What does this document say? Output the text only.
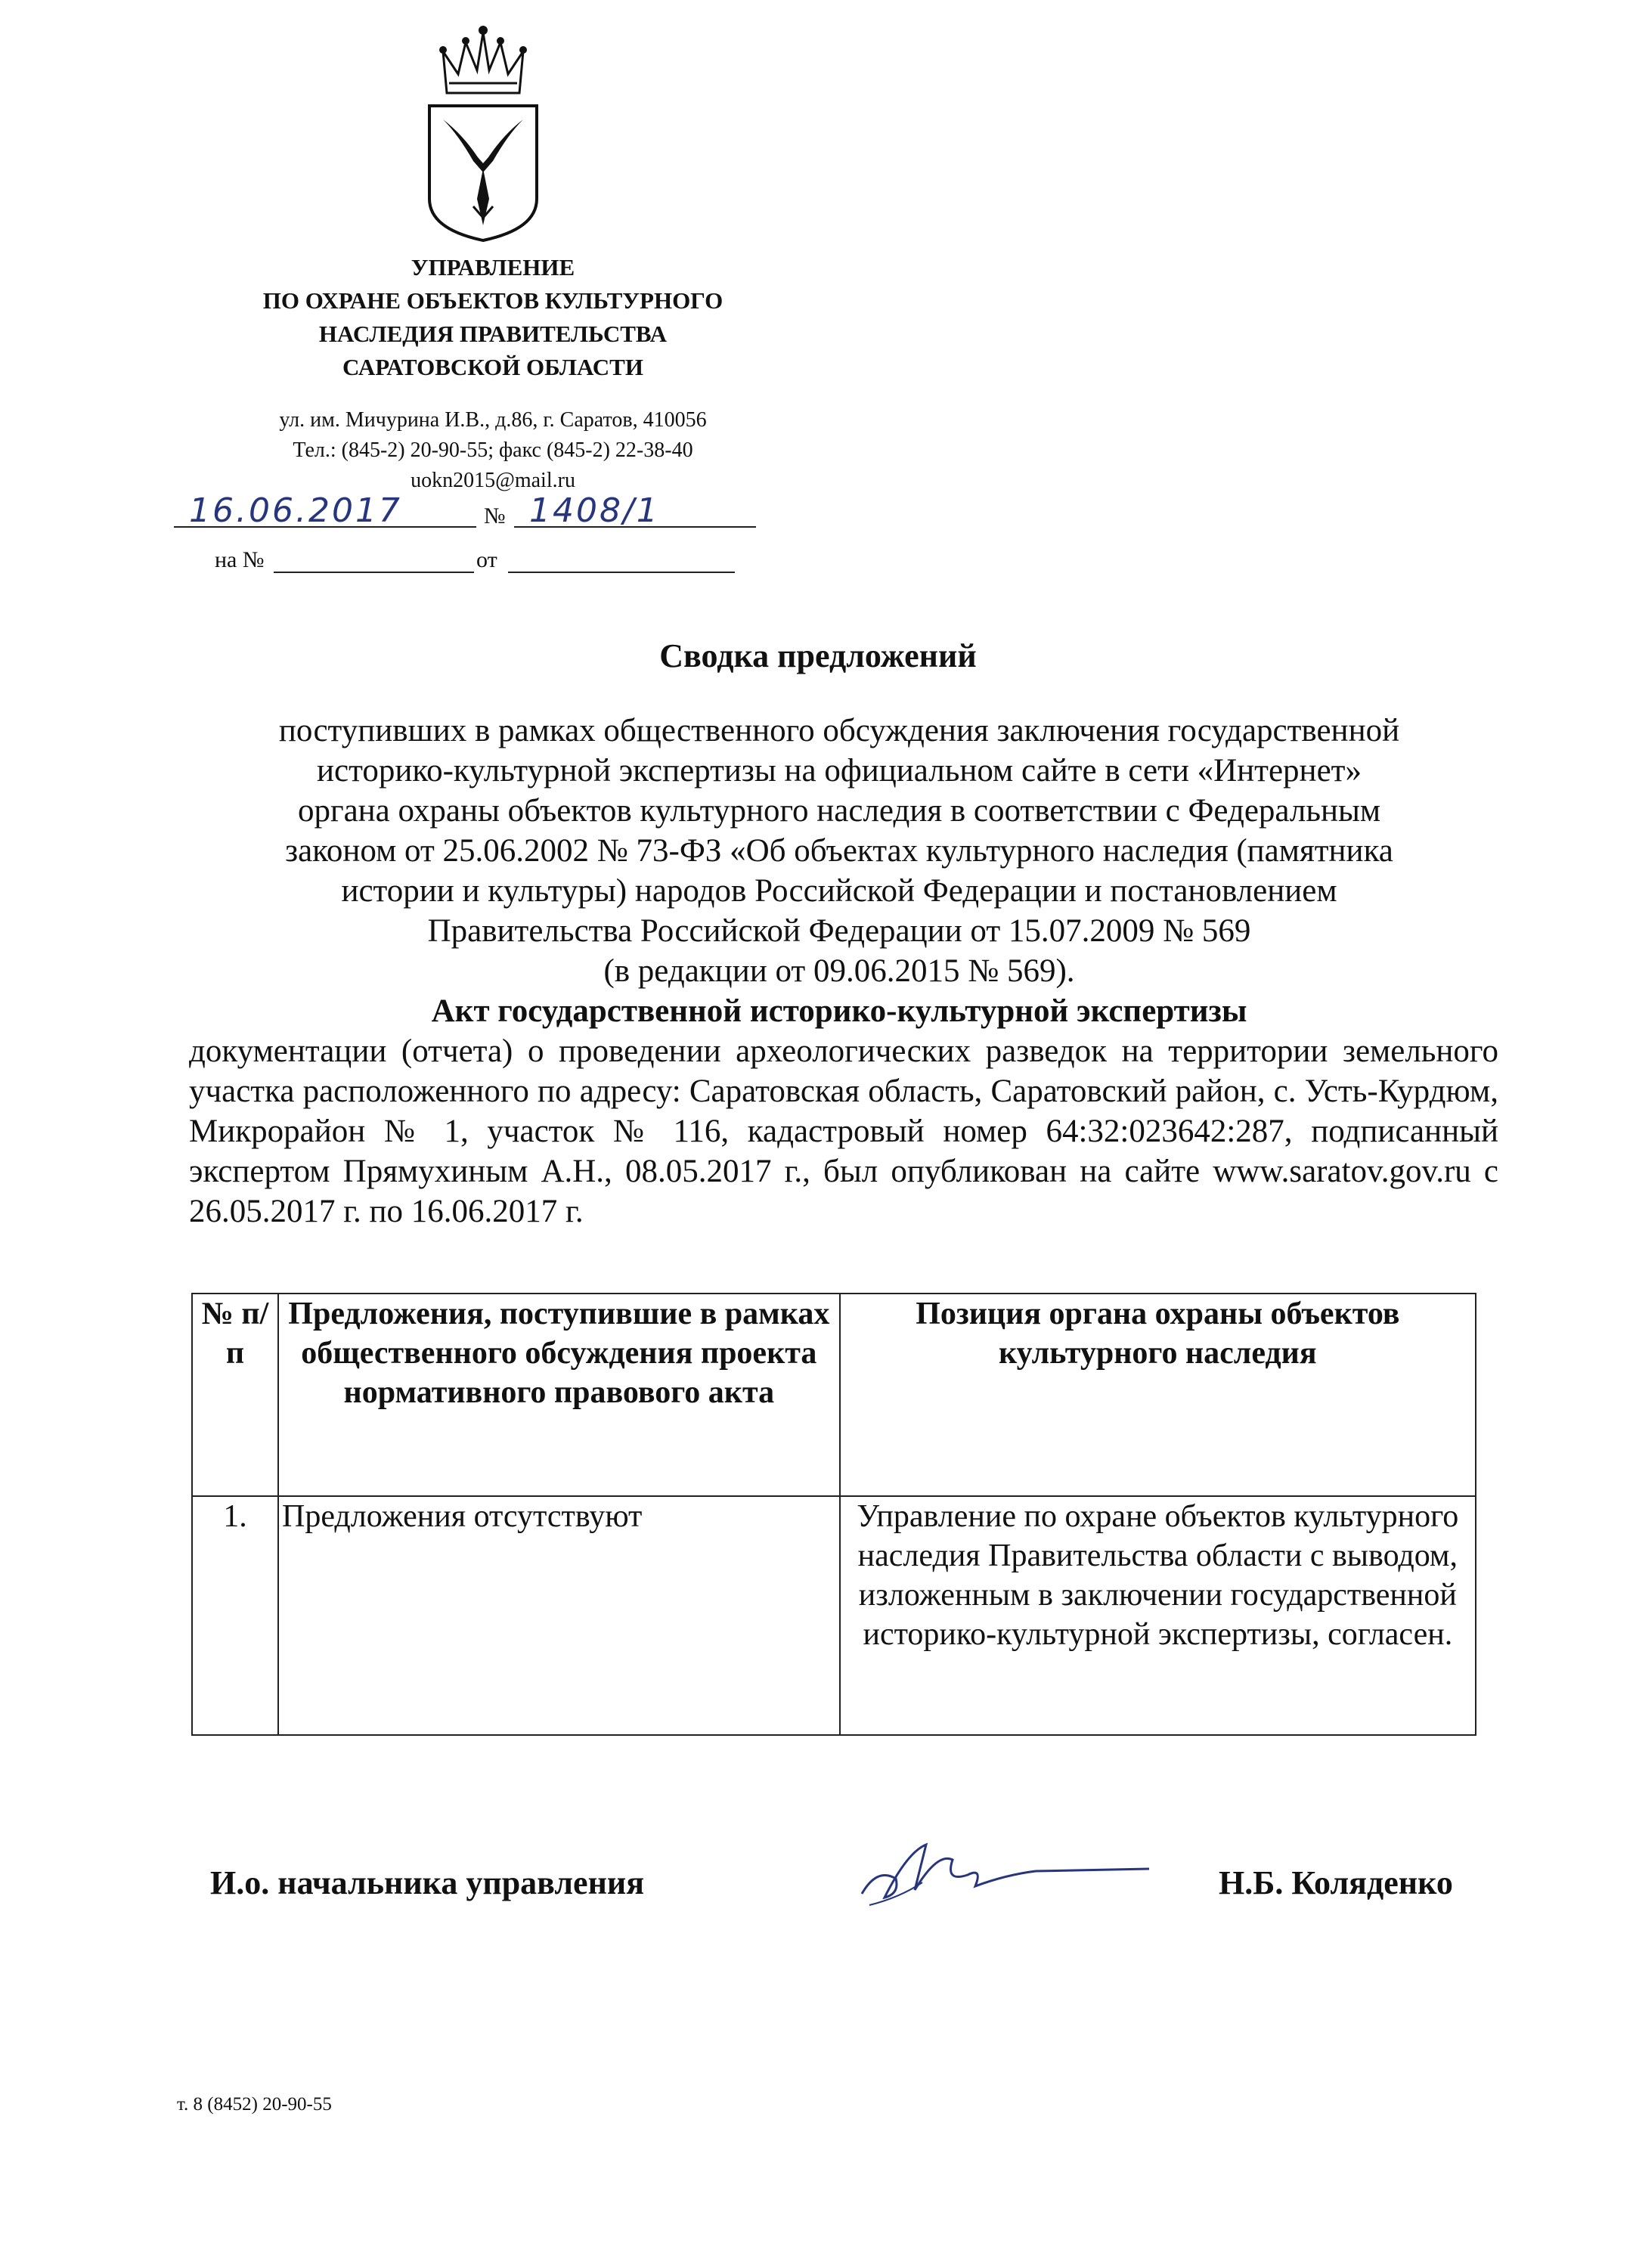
УПРАВЛЕНИЕ
ПО ОХРАНЕ ОБЪЕКТОВ КУЛЬТУРНОГО
НАСЛЕДИЯ ПРАВИТЕЛЬСТВА
САРАТОВСКОЙ ОБЛАСТИ
ул. им. Мичурина И.В., д.86, г. Саратов, 410056
Тел.: (845-2) 20-90-55; факс (845-2) 22-38-40
uokn2015@mail.ru
16.06.2017	№ 1408/1
на №	от
Сводка предложений

поступивших в рамках общественного обсуждения заключения государственной

историко-культурной экспертизы на официальном сайте в сети «Интернет»

органа охраны объектов культурного наследия в соответствии с Федеральным

законом от 25.06.2002 № 73-ФЗ «Об объектах культурного наследия (памятника

истории и культуры) народов Российской Федерации и постановлением

Правительства Российской Федерации от 15.07.2009 № 569

(в редакции от 09.06.2015 № 569).

Акт государственной историко-культурной экспертизы

документации (отчета) о проведении археологических разведок на территории земельного участка расположенного по адресу: Саратовская область, Саратовский район, с. Усть-Курдюм, Микрорайон № 1, участок № 116, кадастровый номер 64:32:023642:287, подписанный экспертом Прямухиным А.Н., 08.05.2017 г., был опубликован на сайте www.saratov.gov.ru с 26.05.2017 г. по 16.06.2017 г.
№ п/п	Предложения, поступившие в рамках общественного обсуждения проекта нормативного правового акта	Позиция органа охраны объектов культурного наследия
1.	Предложения отсутствуют	Управление по охране объектов культурного наследия Правительства области с выводом, изложенным в заключении государственной историко-культурной экспертизы, согласен.
И.о. начальника управления	Н.Б. Коляденко
т. 8 (8452) 20-90-55
